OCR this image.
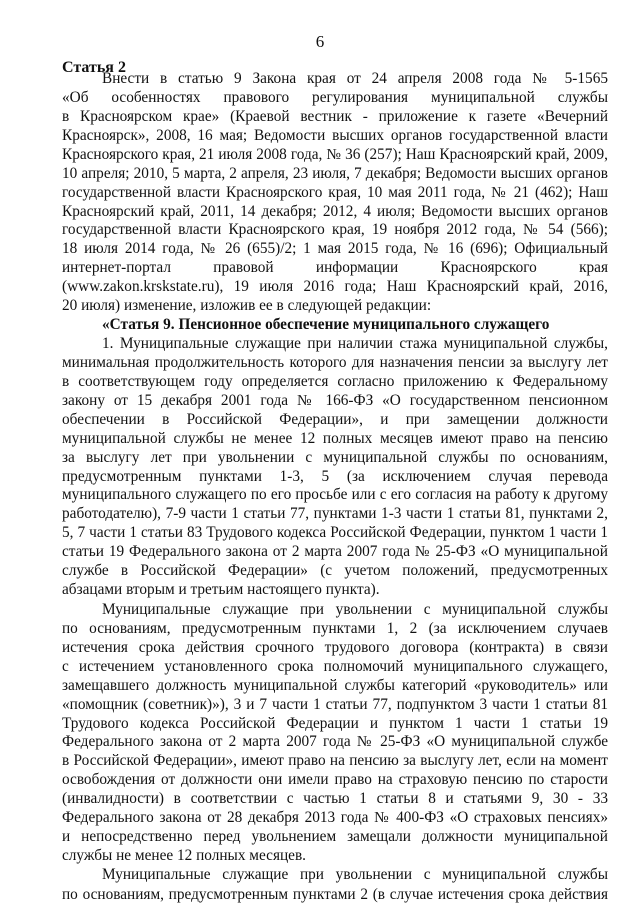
6
Статья 2
Внести в статью 9 Закона края от 24 апреля 2008 года № 5-1565
«Об особенностях правового регулирования муниципальной службы
в Красноярском крае» (Краевой вестник - приложение к газете «Вечерний
Красноярск», 2008, 16 мая; Ведомости высших органов государственной власти
Красноярского края, 21 июля 2008 года, № 36 (257); Наш Красноярский край, 2009,
10 апреля; 2010, 5 марта, 2 апреля, 23 июля, 7 декабря; Ведомости высших органов
государственной власти Красноярского края, 10 мая 2011 года, № 21 (462); Наш
Красноярский край, 2011, 14 декабря; 2012, 4 июля; Ведомости высших органов
государственной власти Красноярского края, 19 ноября 2012 года, № 54 (566);
18 июля 2014 года, № 26 (655)/2; 1 мая 2015 года, № 16 (696); Официальный
интернет-портал правовой информации Красноярского края
(www.zakon.krskstate.ru), 19 июля 2016 года; Наш Красноярский край, 2016,
20 июля) изменение, изложив ее в следующей редакции:
«Статья 9. Пенсионное обеспечение муниципального служащего
1. Муниципальные служащие при наличии стажа муниципальной службы,
минимальная продолжительность которого для назначения пенсии за выслугу лет
в соответствующем году определяется согласно приложению к Федеральному
закону от 15 декабря 2001 года № 166-ФЗ «О государственном пенсионном
обеспечении в Российской Федерации», и при замещении должности
муниципальной службы не менее 12 полных месяцев имеют право на пенсию
за выслугу лет при увольнении с муниципальной службы по основаниям,
предусмотренным пунктами 1-3, 5 (за исключением случая перевода
муниципального служащего по его просьбе или с его согласия на работу к другому
работодателю), 7-9 части 1 статьи 77, пунктами 1-3 части 1 статьи 81, пунктами 2,
5, 7 части 1 статьи 83 Трудового кодекса Российской Федерации, пунктом 1 части 1
статьи 19 Федерального закона от 2 марта 2007 года № 25-ФЗ «О муниципальной
службе в Российской Федерации» (с учетом положений, предусмотренных
абзацами вторым и третьим настоящего пункта).
Муниципальные служащие при увольнении с муниципальной службы
по основаниям, предусмотренным пунктами 1, 2 (за исключением случаев
истечения срока действия срочного трудового договора (контракта) в связи
с истечением установленного срока полномочий муниципального служащего,
замещавшего должность муниципальной службы категорий «руководитель» или
«помощник (советник)»), 3 и 7 части 1 статьи 77, подпунктом 3 части 1 статьи 81
Трудового кодекса Российской Федерации и пунктом 1 части 1 статьи 19
Федерального закона от 2 марта 2007 года № 25-ФЗ «О муниципальной службе
в Российской Федерации», имеют право на пенсию за выслугу лет, если на момент
освобождения от должности они имели право на страховую пенсию по старости
(инвалидности) в соответствии с частью 1 статьи 8 и статьями 9, 30 - 33
Федерального закона от 28 декабря 2013 года № 400-ФЗ «О страховых пенсиях»
и непосредственно перед увольнением замещали должности муниципальной
службы не менее 12 полных месяцев.
Муниципальные служащие при увольнении с муниципальной службы
по основаниям, предусмотренным пунктами 2 (в случае истечения срока действия
